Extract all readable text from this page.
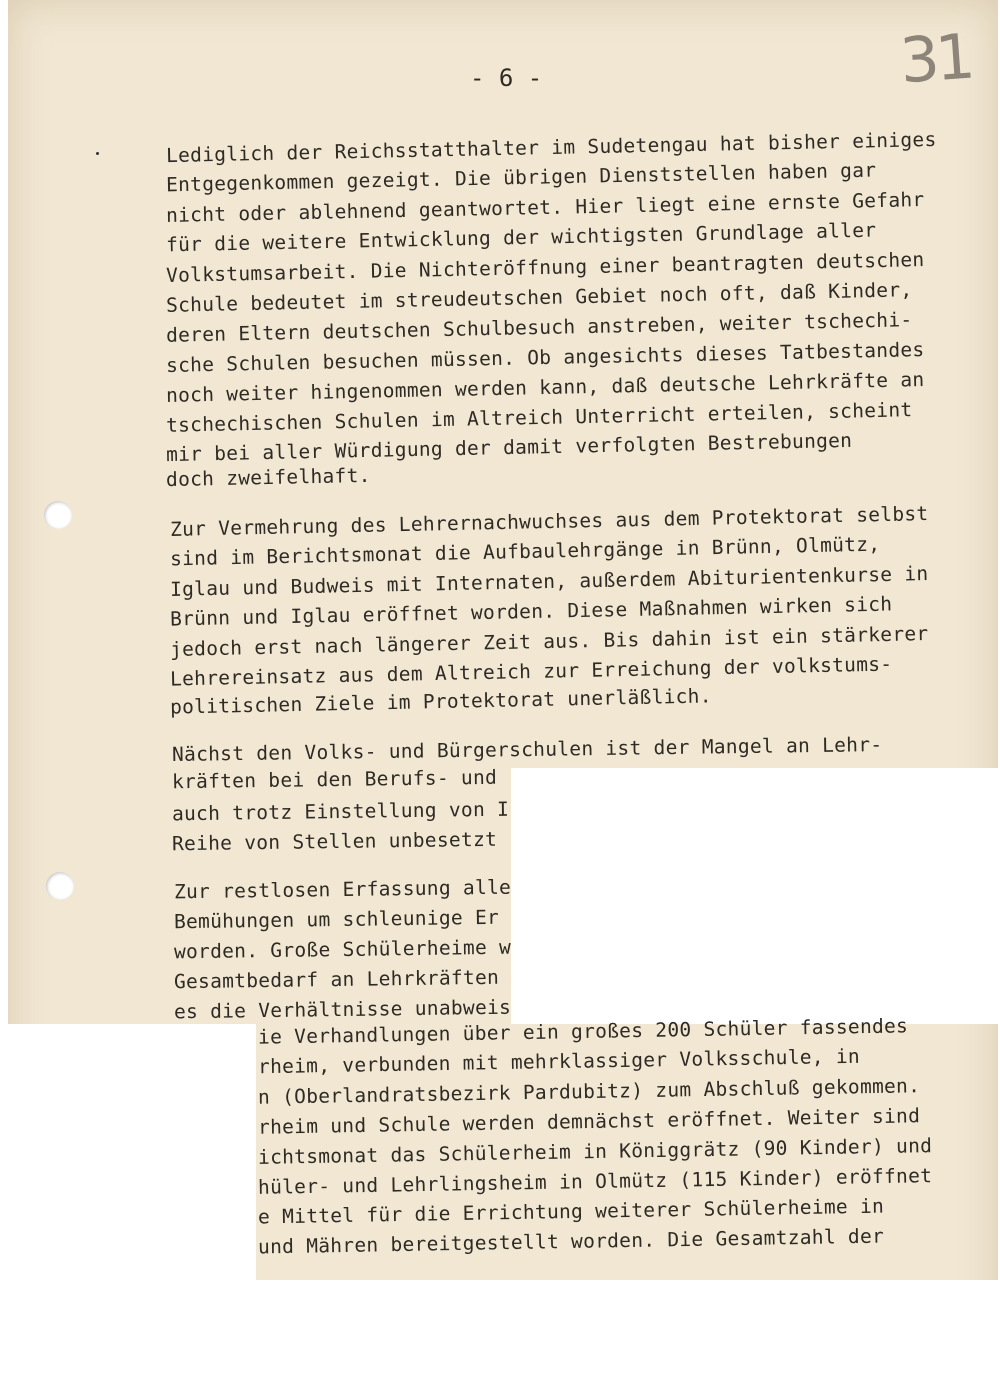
- 6 -	31
Lediglich der Reichsstatthalter im Sudetengau hat bisher einiges
Entgegenkommen gezeigt. Die übrigen Dienststellen haben gar
nicht oder ablehnend geantwortet. Hier liegt eine ernste Gefahr
für die weitere Entwicklung der wichtigsten Grundlage aller
Volkstumsarbeit. Die Nichteröffnung einer beantragten deutschen
Schule bedeutet im streudeutschen Gebiet noch oft, daß Kinder,
deren Eltern deutschen Schulbesuch anstreben, weiter tschechi-
sche Schulen besuchen müssen. Ob angesichts dieses Tatbestandes
noch weiter hingenommen werden kann, daß deutsche Lehrkräfte an
tschechischen Schulen im Altreich Unterricht erteilen, scheint
mir bei aller Würdigung der damit verfolgten Bestrebungen
doch zweifelhaft.
Zur Vermehrung des Lehrernachwuchses aus dem Protektorat selbst
sind im Berichtsmonat die Aufbaulehrgänge in Brünn, Olmütz,
Iglau und Budweis mit Internaten, außerdem Abiturientenkurse in
Brünn und Iglau eröffnet worden. Diese Maßnahmen wirken sich
jedoch erst nach längerer Zeit aus. Bis dahin ist ein stärkerer
Lehrereinsatz aus dem Altreich zur Erreichung der volkstums-
politischen Ziele im Protektorat unerläßlich.
Nächst den Volks- und Bürgerschulen ist der Mangel an Lehr-
kräften bei den Berufs- und
auch trotz Einstellung von I
Reihe von Stellen unbesetzt
Zur restlosen Erfassung alle
Bemühungen um schleunige Er
worden. Große Schülerheime w
Gesamtbedarf an Lehrkräften
es die Verhältnisse unabweis
ie Verhandlungen über ein großes 200 Schüler fassendes
rheim, verbunden mit mehrklassiger Volksschule, in
n (Oberlandratsbezirk Pardubitz) zum Abschluß gekommen.
rheim und Schule werden demnächst eröffnet. Weiter sind
ichtsmonat das Schülerheim in Königgrätz (90 Kinder) und
hüler- und Lehrlingsheim in Olmütz (115 Kinder) eröffnet
e Mittel für die Errichtung weiterer Schülerheime in
und Mähren bereitgestellt worden. Die Gesamtzahl der
